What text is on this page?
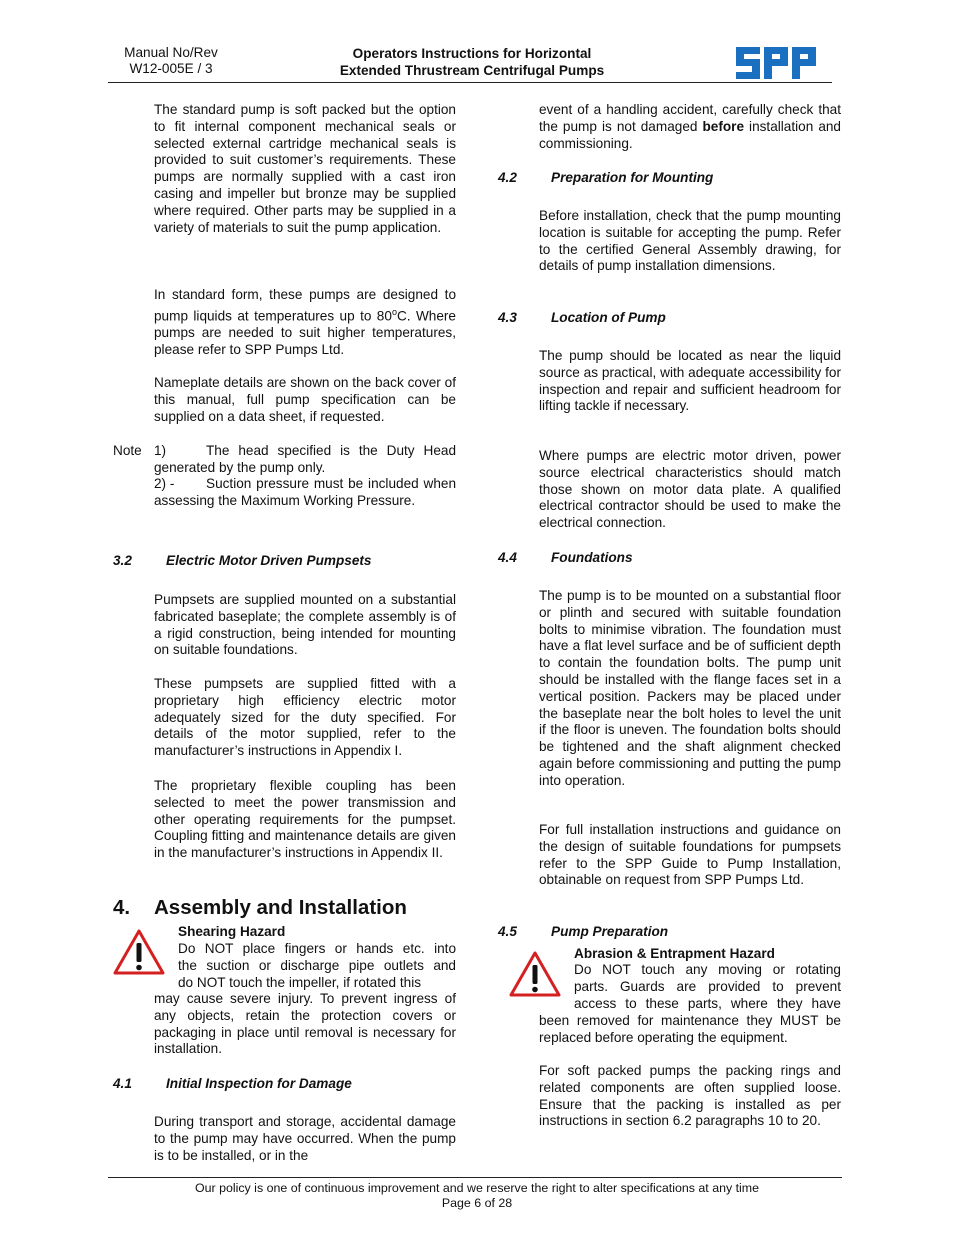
Manual No/Rev
W12-005E / 3
Operators Instructions for Horizontal
Extended Thrustream Centrifugal Pumps

The standard pump is soft packed but the option to fit internal component mechanical seals or selected external cartridge mechanical seals is provided to suit customer’s requirements. These pumps are normally supplied with a cast iron casing and impeller but bronze may be supplied where required. Other parts may be supplied in a variety of materials to suit the pump application.

In standard form, these pumps are designed to pump liquids at temperatures up to 80$^o$C. Where pumps are needed to suit higher temperatures, please refer to SPP Pumps Ltd.

Nameplate details are shown on the back cover of this manual, full pump specification can be supplied on a data sheet, if requested.

Note 1)	The head specified is the Duty Head generated by the pump only.

2) -	Suction pressure must be included when assessing the Maximum Working Pressure.

3.2	Electric Motor Driven Pumpsets

Pumpsets are supplied mounted on a substantial fabricated baseplate; the complete assembly is of a rigid construction, being intended for mounting on suitable foundations.

These pumpsets are supplied fitted with a proprietary high efficiency electric motor adequately sized for the duty specified. For details of the motor supplied, refer to the manufacturer’s instructions in Appendix I.

The proprietary flexible coupling has been selected to meet the power transmission and other operating requirements for the pumpset. Coupling fitting and maintenance details are given in the manufacturer’s instructions in Appendix II.

4. Assembly and Installation
Shearing Hazard
Do NOT place fingers or hands etc. into
the suction or discharge pipe outlets and
do NOT touch the impeller, if rotated this

may cause severe injury. To prevent ingress of any objects, retain the protection covers or packaging in place until removal is necessary for installation.

4.1	Initial Inspection for Damage

During transport and storage, accidental damage to the pump may have occurred. When the pump is to be installed, or in the

event of a handling accident, carefully check that the pump is not damaged before installation and commissioning.

4.2	Preparation for Mounting

Before installation, check that the pump mounting location is suitable for accepting the pump. Refer to the certified General Assembly drawing, for details of pump installation dimensions.

4.3	Location of Pump

The pump should be located as near the liquid source as practical, with adequate accessibility for inspection and repair and sufficient headroom for lifting tackle if necessary.

Where pumps are electric motor driven, power source electrical characteristics should match those shown on motor data plate. A qualified electrical contractor should be used to make the electrical connection.

4.4	Foundations

The pump is to be mounted on a substantial floor or plinth and secured with suitable foundation bolts to minimise vibration. The foundation must have a flat level surface and be of sufficient depth to contain the foundation bolts. The pump unit should be installed with the flange faces set in a vertical position. Packers may be placed under the baseplate near the bolt holes to level the unit if the floor is uneven. The foundation bolts should be tightened and the shaft alignment checked again before commissioning and putting the pump into operation.

For full installation instructions and guidance on the design of suitable foundations for pumpsets refer to the SPP Guide to Pump Installation, obtainable on request from SPP Pumps Ltd.

4.5	Pump Preparation
Abrasion & Entrapment Hazard
Do NOT touch any moving or rotating
parts. Guards are provided to prevent
access to these parts, where they have

been removed for maintenance they MUST be replaced before operating the equipment.

For soft packed pumps the packing rings and related components are often supplied loose. Ensure that the packing is installed as per instructions in section 6.2 paragraphs 10 to 20.

Our policy is one of continuous improvement and we reserve the right to alter specifications at any time
Page 6 of 28
